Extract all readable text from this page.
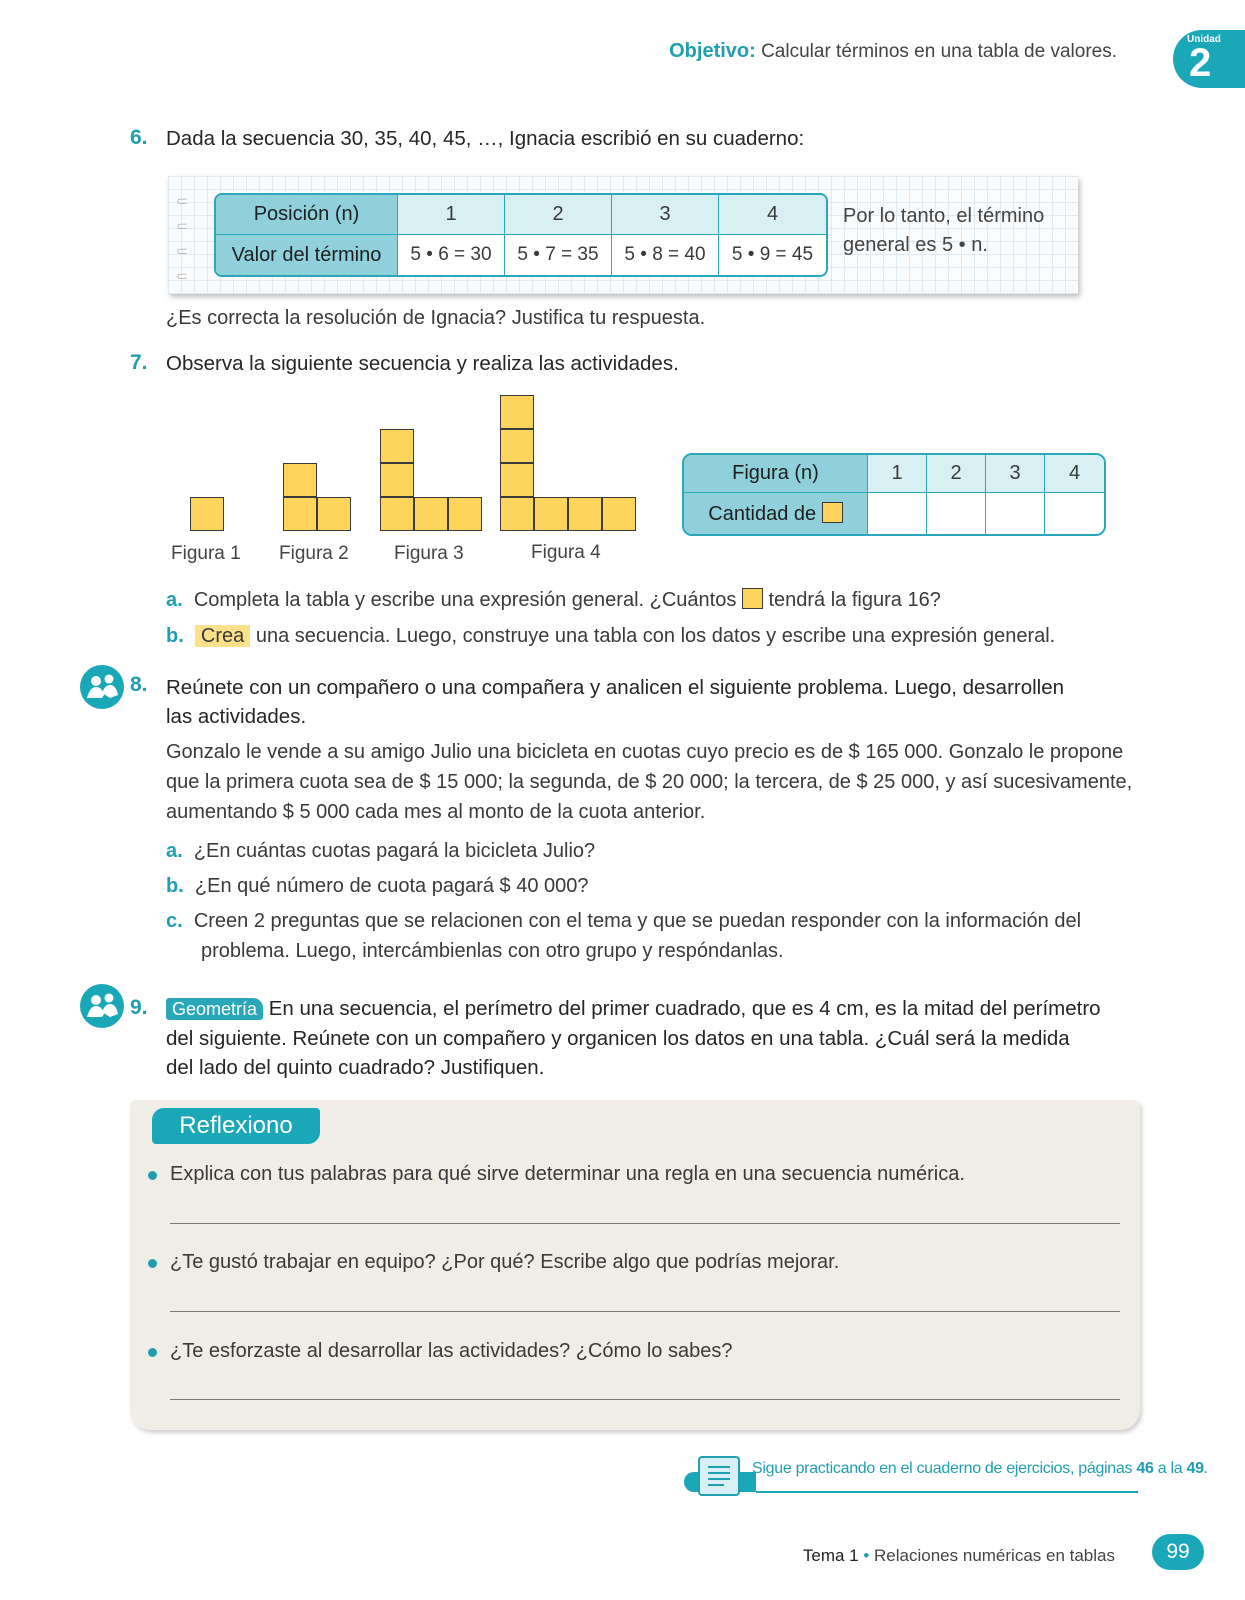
Objetivo: Calcular términos en una tabla de valores.
Unidad
2
6. Dada la secuencia 30, 35, 40, 45, …, Ignacia escribió en su cuaderno:
⸦
⸦
⸦
⸦
Posición (n)	1	2	3	4
Valor del término	5 • 6 = 30	5 • 7 = 35	5 • 8 = 40	5 • 9 = 45
Por lo tanto, el término
general es 5 • n.
¿Es correcta la resolución de Ignacia? Justifica tu respuesta.
7. Observa la siguiente secuencia y realiza las actividades.
Figura 1 Figura 2 Figura 3	Figura 4
Figura (n)	1	2	3	4
Cantidad de				
a. Completa la tabla y escribe una expresión general. ¿Cuántos tendrá la figura 16?
b. Crea una secuencia. Luego, construye una tabla con los datos y escribe una expresión general.
8. Reúnete con un compañero o una compañera y analicen el siguiente problema. Luego, desarrollen
las actividades.
Gonzalo le vende a su amigo Julio una bicicleta en cuotas cuyo precio es de $ 165 000. Gonzalo le propone
que la primera cuota sea de $ 15 000; la segunda, de $ 20 000; la tercera, de $ 25 000, y así sucesivamente,
aumentando $ 5 000 cada mes al monto de la cuota anterior.
a. ¿En cuántas cuotas pagará la bicicleta Julio?
b. ¿En qué número de cuota pagará $ 40 000?
c. Creen 2 preguntas que se relacionen con el tema y que se puedan responder con la información del
problema. Luego, intercámbienlas con otro grupo y respóndanlas.
9.	Geometría En una secuencia, el perímetro del primer cuadrado, que es 4 cm, es la mitad del perímetro
del siguiente. Reúnete con un compañero y organicen los datos en una tabla. ¿Cuál será la medida
del lado del quinto cuadrado? Justifiquen.
Reflexiono
Explica con tus palabras para qué sirve determinar una regla en una secuencia numérica.
¿Te gustó trabajar en equipo? ¿Por qué? Escribe algo que podrías mejorar.
¿Te esforzaste al desarrollar las actividades? ¿Cómo lo sabes?
Sigue practicando en el cuaderno de ejercicios, páginas 46 a la 49.
Tema 1 • Relaciones numéricas en tablas	99
